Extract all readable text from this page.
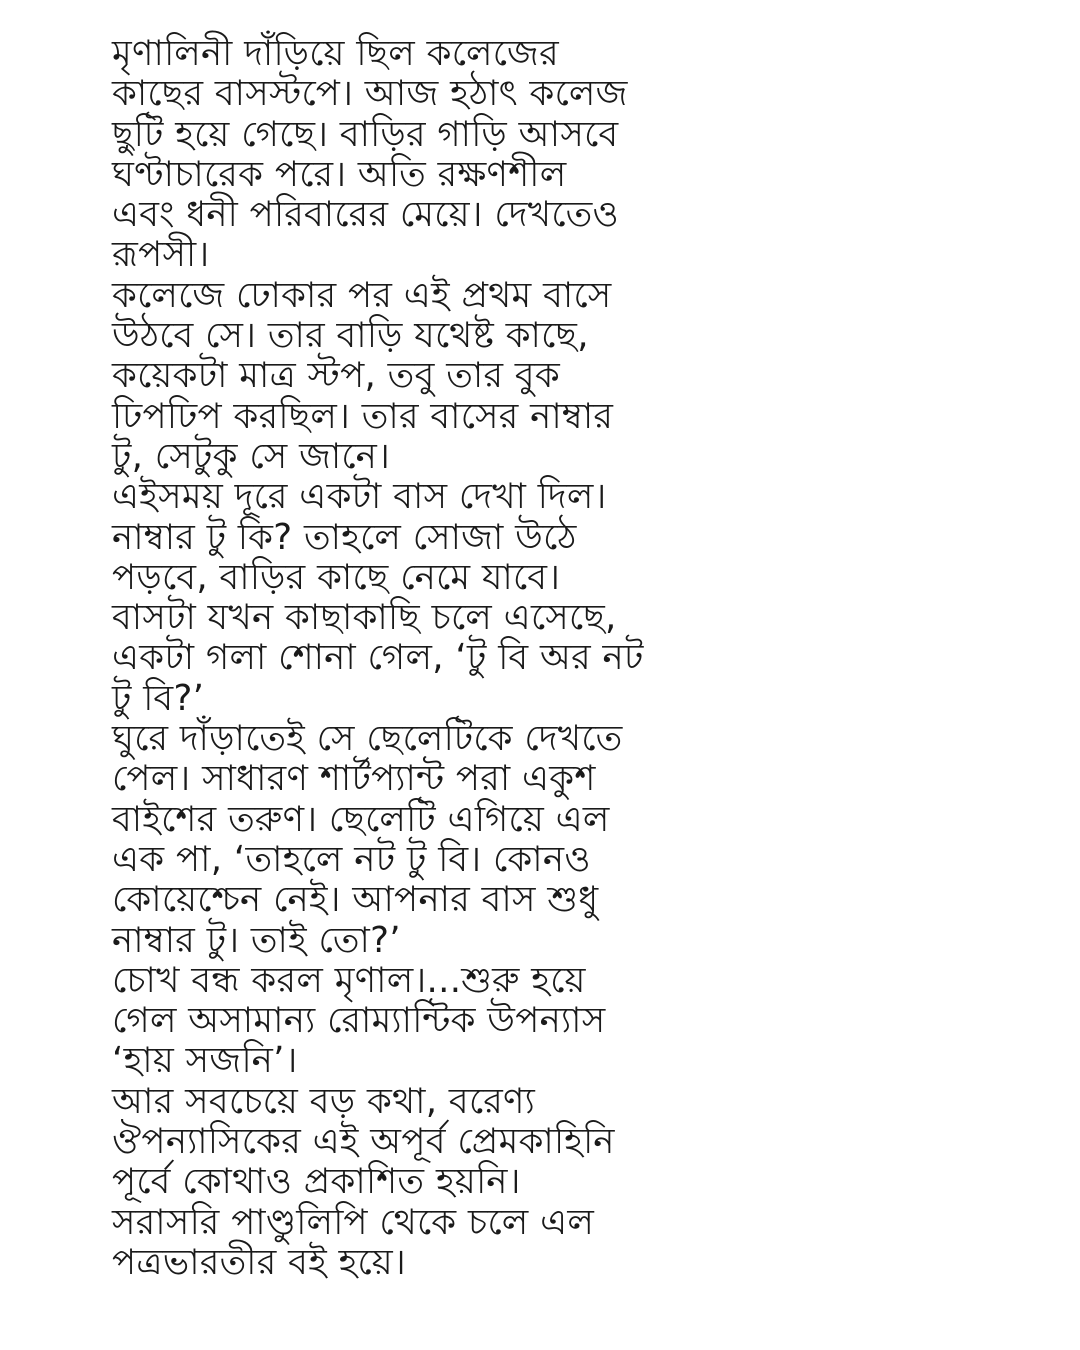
মৃণালিনী দাঁড়িয়ে ছিল কলেজের
কাছের বাসস্টপে। আজ হঠাৎ কলেজ
ছুটি হয়ে গেছে। বাড়ির গাড়ি আসবে
ঘণ্টাচারেক পরে। অতি রক্ষণশীল
এবং ধনী পরিবারের মেয়ে। দেখতেও
রূপসী।
কলেজে ঢোকার পর এই প্রথম বাসে
উঠবে সে। তার বাড়ি যথেষ্ট কাছে,
কয়েকটা মাত্র স্টপ, তবু তার বুক
ঢিপঢিপ করছিল। তার বাসের নাম্বার
টু, সেটুকু সে জানে।
এইসময় দূরে একটা বাস দেখা দিল।
নাম্বার টু কি? তাহলে সোজা উঠে
পড়বে, বাড়ির কাছে নেমে যাবে।
বাসটা যখন কাছাকাছি চলে এসেছে,
একটা গলা শোনা গেল, ‘টু বি অর নট
টু বি?’
ঘুরে দাঁড়াতেই সে ছেলেটিকে দেখতে
পেল। সাধারণ শার্টপ্যান্ট পরা একুশ
বাইশের তরুণ। ছেলেটি এগিয়ে এল
এক পা, ‘তাহলে নট টু বি। কোনও
কোয়েশ্চেন নেই। আপনার বাস শুধু
নাম্বার টু। তাই তো?’
চোখ বন্ধ করল মৃণাল।...শুরু হয়ে
গেল অসামান্য রোম্যান্টিক উপন্যাস
‘হায় সজনি’।
আর সবচেয়ে বড় কথা, বরেণ্য
ঔপন্যাসিকের এই অপূর্ব প্রেমকাহিনি
পূর্বে কোথাও প্রকাশিত হয়নি।
সরাসরি পাণ্ডুলিপি থেকে চলে এল
পত্রভারতীর বই হয়ে।
